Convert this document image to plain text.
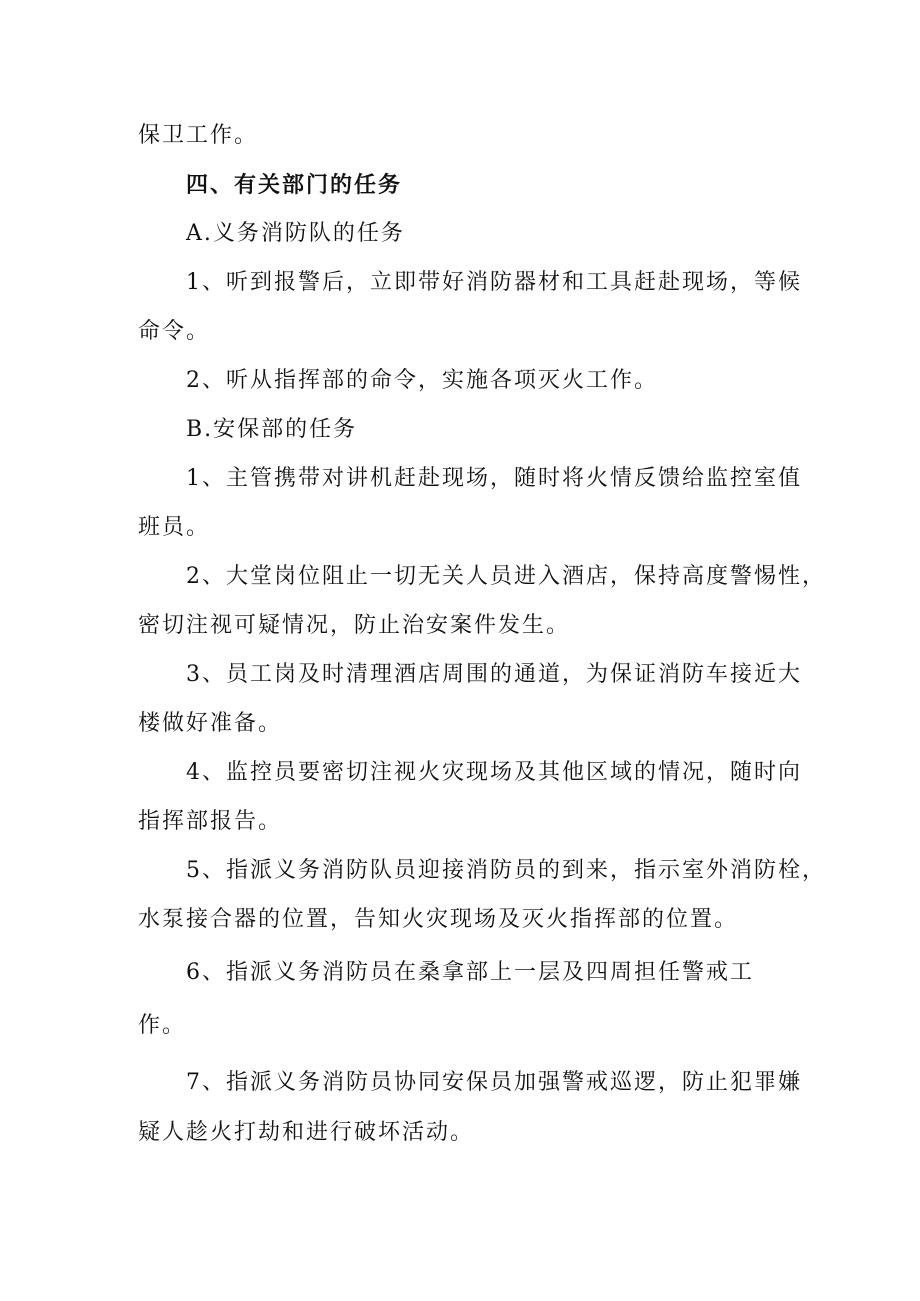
保卫工作。
四、有关部门的任务
A.义务消防队的任务
1、听到报警后，立即带好消防器材和工具赶赴现场，等候
命令。
2、听从指挥部的命令，实施各项灭火工作。
B.安保部的任务
1、主管携带对讲机赶赴现场，随时将火情反馈给监控室值
班员。
2、大堂岗位阻止一切无关人员进入酒店，保持高度警惕性，
密切注视可疑情况，防止治安案件发生。
3、员工岗及时清理酒店周围的通道，为保证消防车接近大
楼做好准备。
4、监控员要密切注视火灾现场及其他区域的情况，随时向
指挥部报告。
5、指派义务消防队员迎接消防员的到来，指示室外消防栓，
水泵接合器的位置，告知火灾现场及灭火指挥部的位置。
6、指派义务消防员在桑拿部上一层及四周担任警戒工
作。
7、指派义务消防员协同安保员加强警戒巡逻，防止犯罪嫌
疑人趁火打劫和进行破坏活动。
